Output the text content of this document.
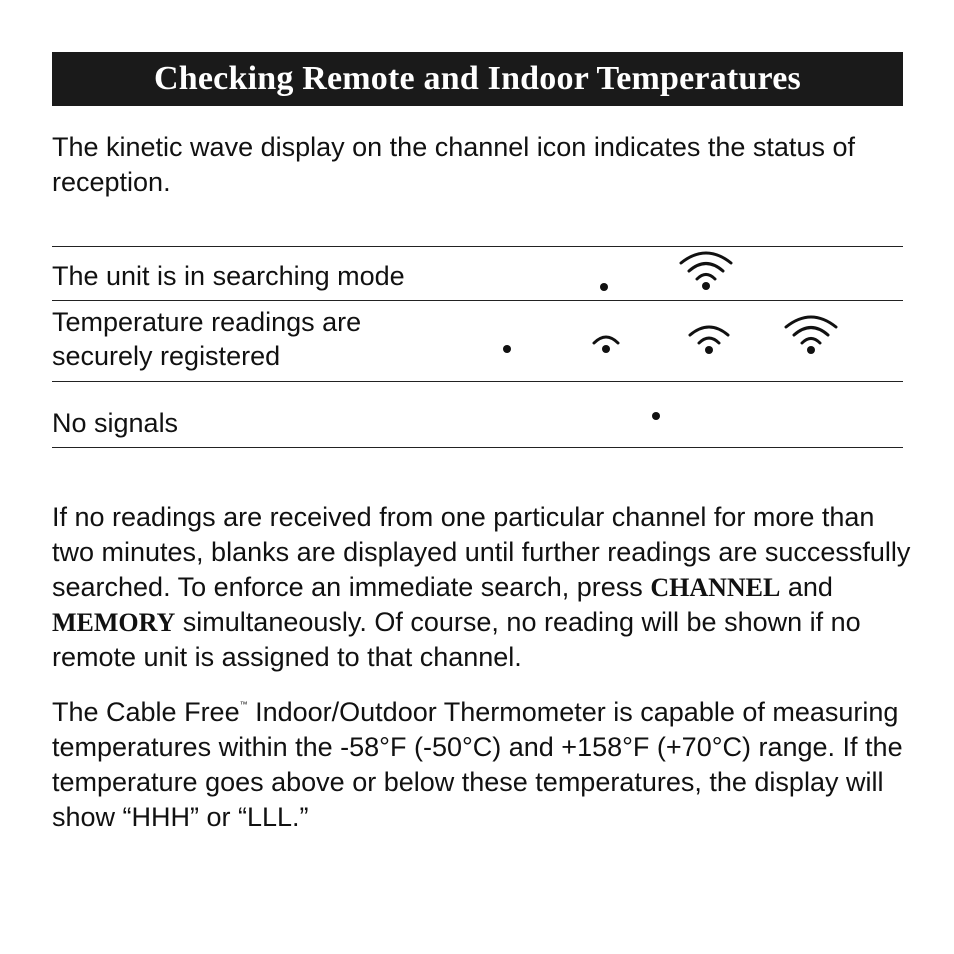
Checking Remote and Indoor Temperatures

The kinetic wave display on the channel icon indicates the status of reception.

The unit is in searching mode
Temperature readings are
securely registered
No signals

If no readings are received from one particular channel for more than two minutes, blanks are displayed until further readings are successfully searched. To enforce an immediate search, press CHANNEL and MEMORY simultaneously. Of course, no reading will be shown if no remote unit is assigned to that channel.

The Cable Free™ Indoor/Outdoor Thermometer is capable of measuring temperatures within the -58°F (-50°C) and +158°F (+70°C) range. If the temperature goes above or below these temperatures, the display will show “HHH” or “LLL.”
